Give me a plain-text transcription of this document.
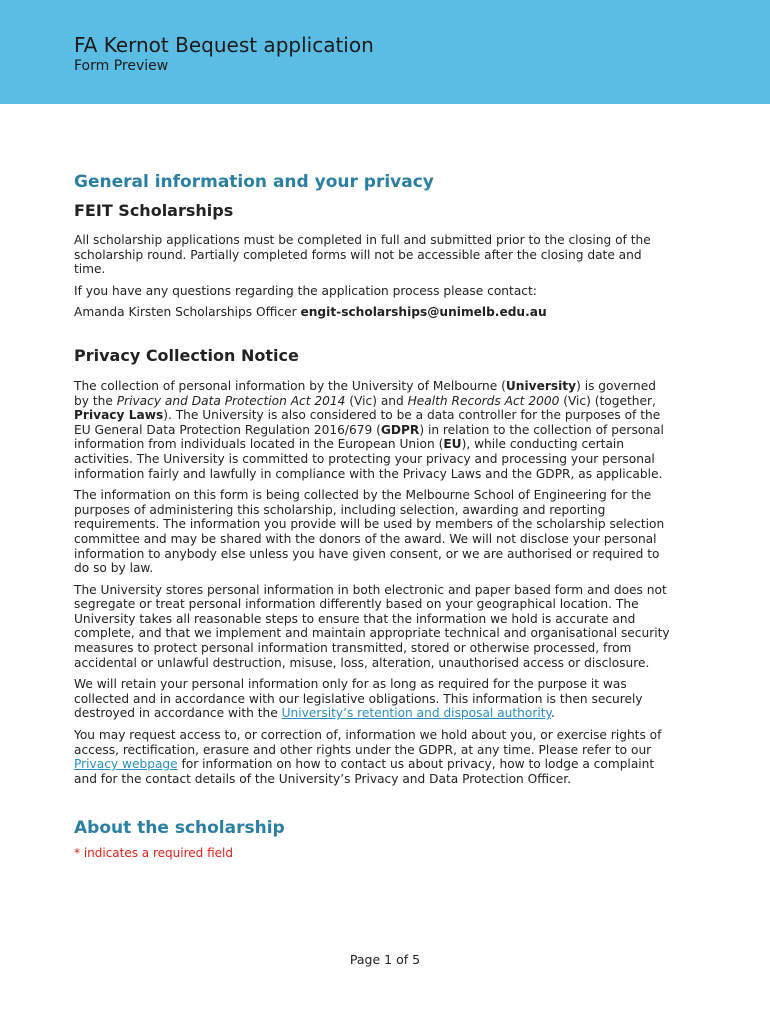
FA Kernot Bequest application
Form Preview
General information and your privacy
FEIT Scholarships

All scholarship applications must be completed in full and submitted prior to the closing of the scholarship round. Partially completed forms will not be accessible after the closing date and time.

If you have any questions regarding the application process please contact:

Amanda Kirsten Scholarships Officer engit-scholarships@unimelb.edu.au

Privacy Collection Notice

The collection of personal information by the University of Melbourne (University) is governed by the Privacy and Data Protection Act 2014 (Vic) and Health Records Act 2000 (Vic) (together, Privacy Laws). The University is also considered to be a data controller for the purposes of the EU General Data Protection Regulation 2016/679 (GDPR) in relation to the collection of personal information from individuals located in the European Union (EU), while conducting certain activities. The University is committed to protecting your privacy and processing your personal information fairly and lawfully in compliance with the Privacy Laws and the GDPR, as applicable.

The information on this form is being collected by the Melbourne School of Engineering for the purposes of administering this scholarship, including selection, awarding and reporting requirements. The information you provide will be used by members of the scholarship selection committee and may be shared with the donors of the award. We will not disclose your personal information to anybody else unless you have given consent, or we are authorised or required to do so by law.

The University stores personal information in both electronic and paper based form and does not segregate or treat personal information differently based on your geographical location. The University takes all reasonable steps to ensure that the information we hold is accurate and complete, and that we implement and maintain appropriate technical and organisational security measures to protect personal information transmitted, stored or otherwise processed, from accidental or unlawful destruction, misuse, loss, alteration, unauthorised access or disclosure.

We will retain your personal information only for as long as required for the purpose it was collected and in accordance with our legislative obligations. This information is then securely destroyed in accordance with the University’s retention and disposal authority.

You may request access to, or correction of, information we hold about you, or exercise rights of access, rectification, erasure and other rights under the GDPR, at any time. Please refer to our Privacy webpage for information on how to contact us about privacy, how to lodge a complaint and for the contact details of the University’s Privacy and Data Protection Officer.

About the scholarship

* indicates a required field

Page 1 of 5
